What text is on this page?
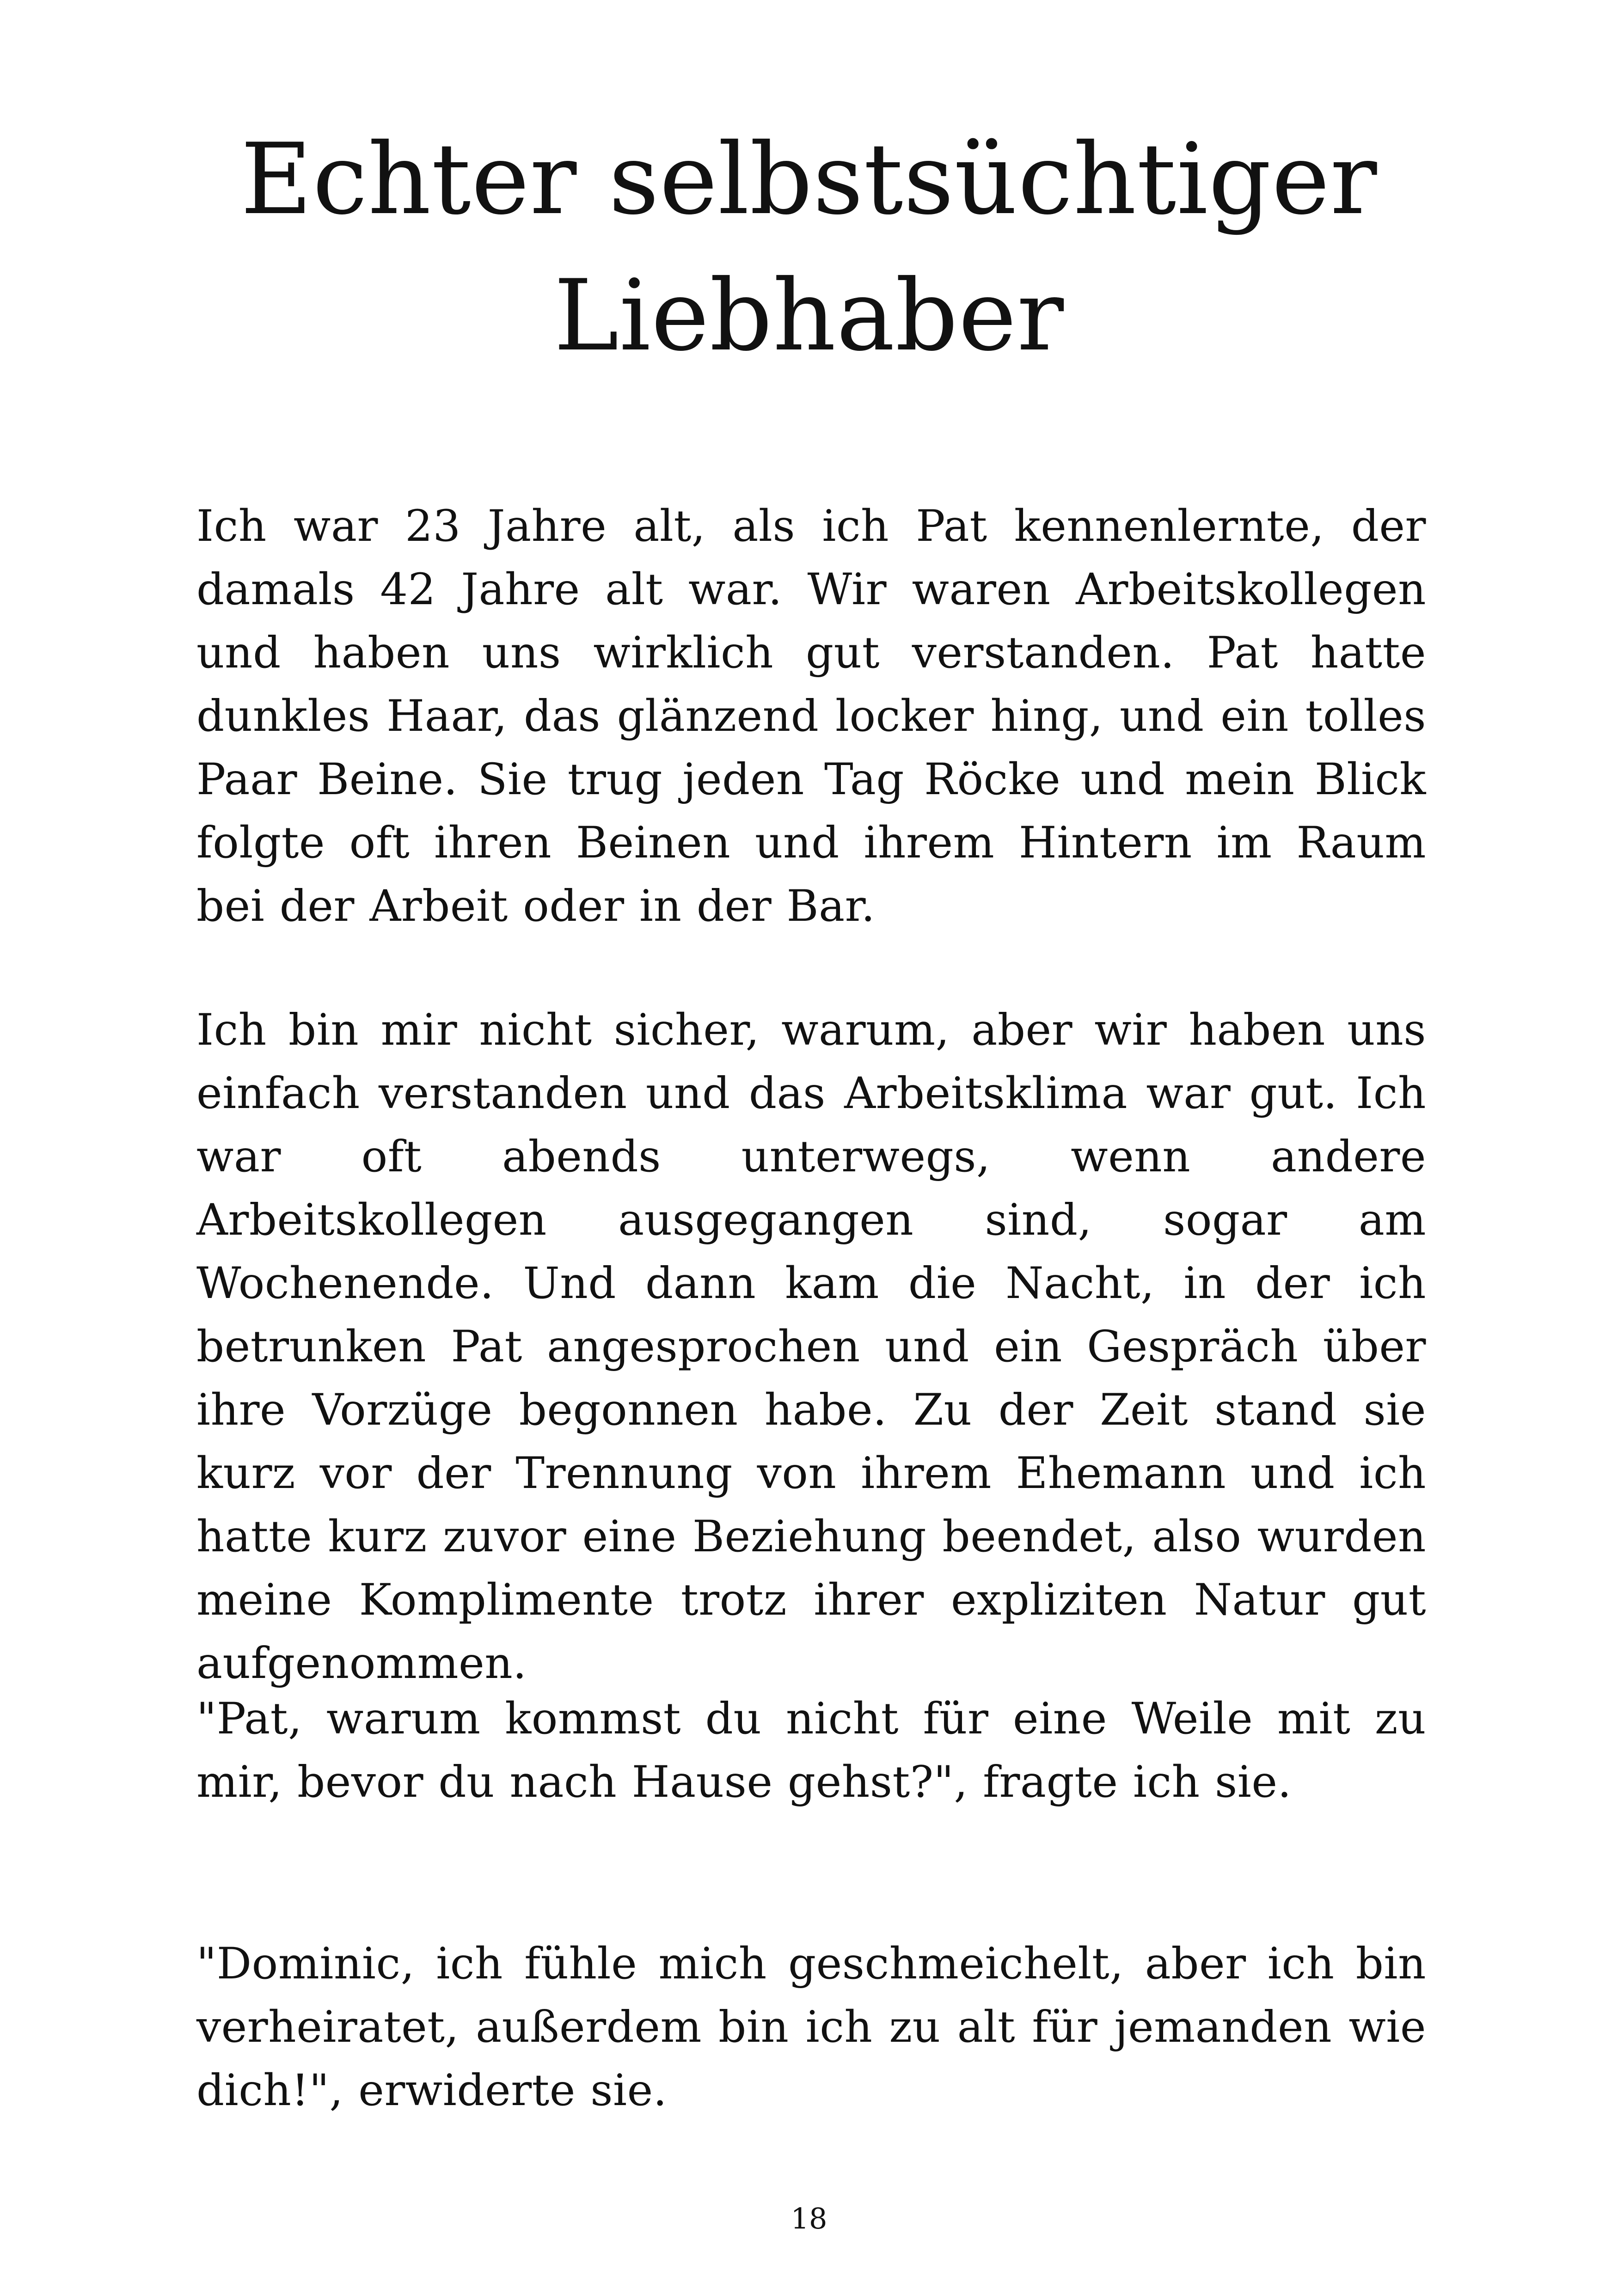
Echter selbstsüchtiger Liebhaber

Ich war 23 Jahre alt, als ich Pat kennenlernte, der damals 42 Jahre alt war. Wir waren Arbeitskollegen und haben uns wirklich gut verstanden. Pat hatte dunkles Haar, das glänzend locker hing, und ein tolles Paar Beine. Sie trug jeden Tag Röcke und mein Blick folgte oft ihren Beinen und ihrem Hintern im Raum bei der Arbeit oder in der Bar.

Ich bin mir nicht sicher, warum, aber wir haben uns einfach verstanden und das Arbeitsklima war gut. Ich war oft abends unterwegs, wenn andere Arbeitskollegen ausgegangen sind, sogar am Wochenende. Und dann kam die Nacht, in der ich betrunken Pat angesprochen und ein Gespräch über ihre Vorzüge begonnen habe. Zu der Zeit stand sie kurz vor der Trennung von ihrem Ehemann und ich hatte kurz zuvor eine Beziehung beendet, also wurden meine Komplimente trotz ihrer expliziten Natur gut aufgenommen.

"Pat, warum kommst du nicht für eine Weile mit zu mir, bevor du nach Hause gehst?", fragte ich sie.

"Dominic, ich fühle mich geschmeichelt, aber ich bin verheiratet, außerdem bin ich zu alt für jemanden wie dich!", erwiderte sie.

18
